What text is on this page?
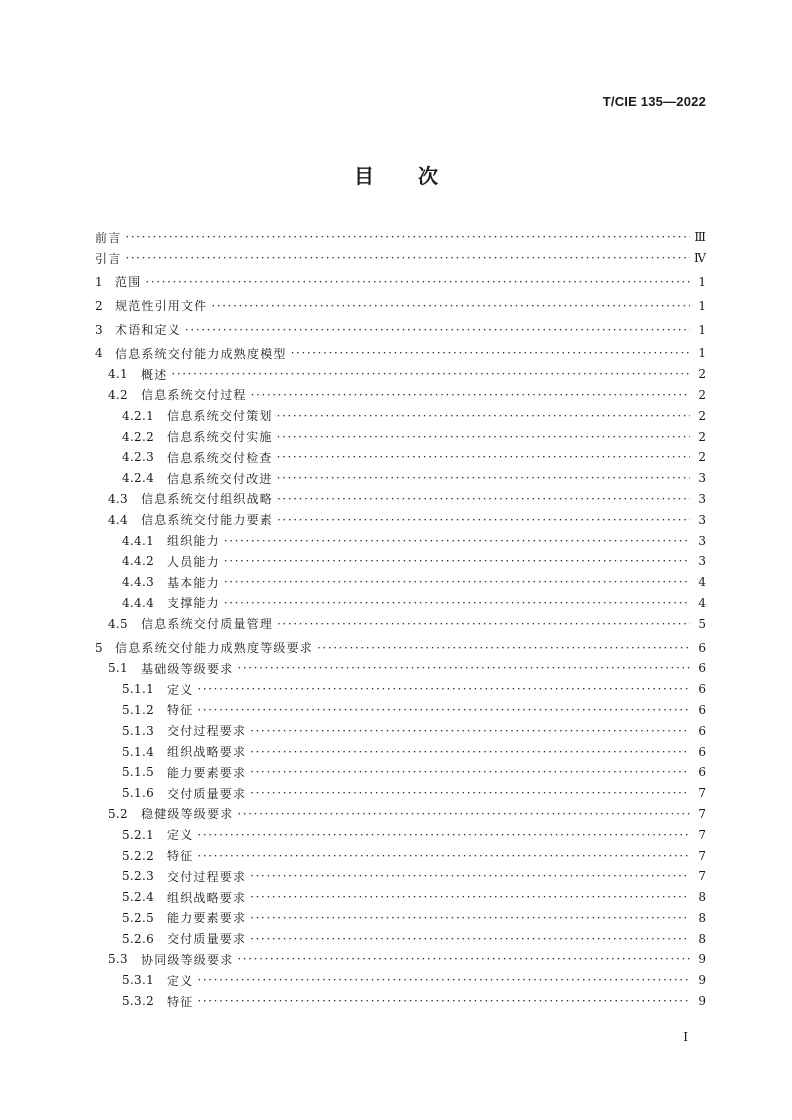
T/CIE 135—2022
目 次
前言 ·····	Ⅲ
引言 ·····	Ⅳ
1	范围 ·····	1
2	规范性引用文件 ·····	1
3	术语和定义 ·····	1
4	信息系统交付能力成熟度模型 ·····	1
4.1	概述 ·····	2
4.2	信息系统交付过程 ·····	2
4.2.1	信息系统交付策划 ·····	2
4.2.2	信息系统交付实施 ·····	2
4.2.3	信息系统交付检查 ·····	2
4.2.4	信息系统交付改进 ·····	3
4.3	信息系统交付组织战略 ·····	3
4.4	信息系统交付能力要素 ·····	3
4.4.1	组织能力 ·····	3
4.4.2	人员能力 ·····	3
4.4.3	基本能力 ·····	4
4.4.4	支撑能力 ·····	4
4.5	信息系统交付质量管理 ·····	5
5	信息系统交付能力成熟度等级要求 ·····	6
5.1	基础级等级要求 ·····	6
5.1.1	定义 ·····	6
5.1.2	特征 ·····	6
5.1.3	交付过程要求 ·····	6
5.1.4	组织战略要求 ·····	6
5.1.5	能力要素要求 ·····	6
5.1.6	交付质量要求 ·····	7
5.2	稳健级等级要求 ·····	7
5.2.1	定义 ·····	7
5.2.2	特征 ·····	7
5.2.3	交付过程要求 ·····	7
5.2.4	组织战略要求 ·····	8
5.2.5	能力要素要求 ·····	8
5.2.6	交付质量要求 ·····	8
5.3	协同级等级要求 ·····	9
5.3.1	定义 ·····	9
5.3.2	特征 ·····	9
I
